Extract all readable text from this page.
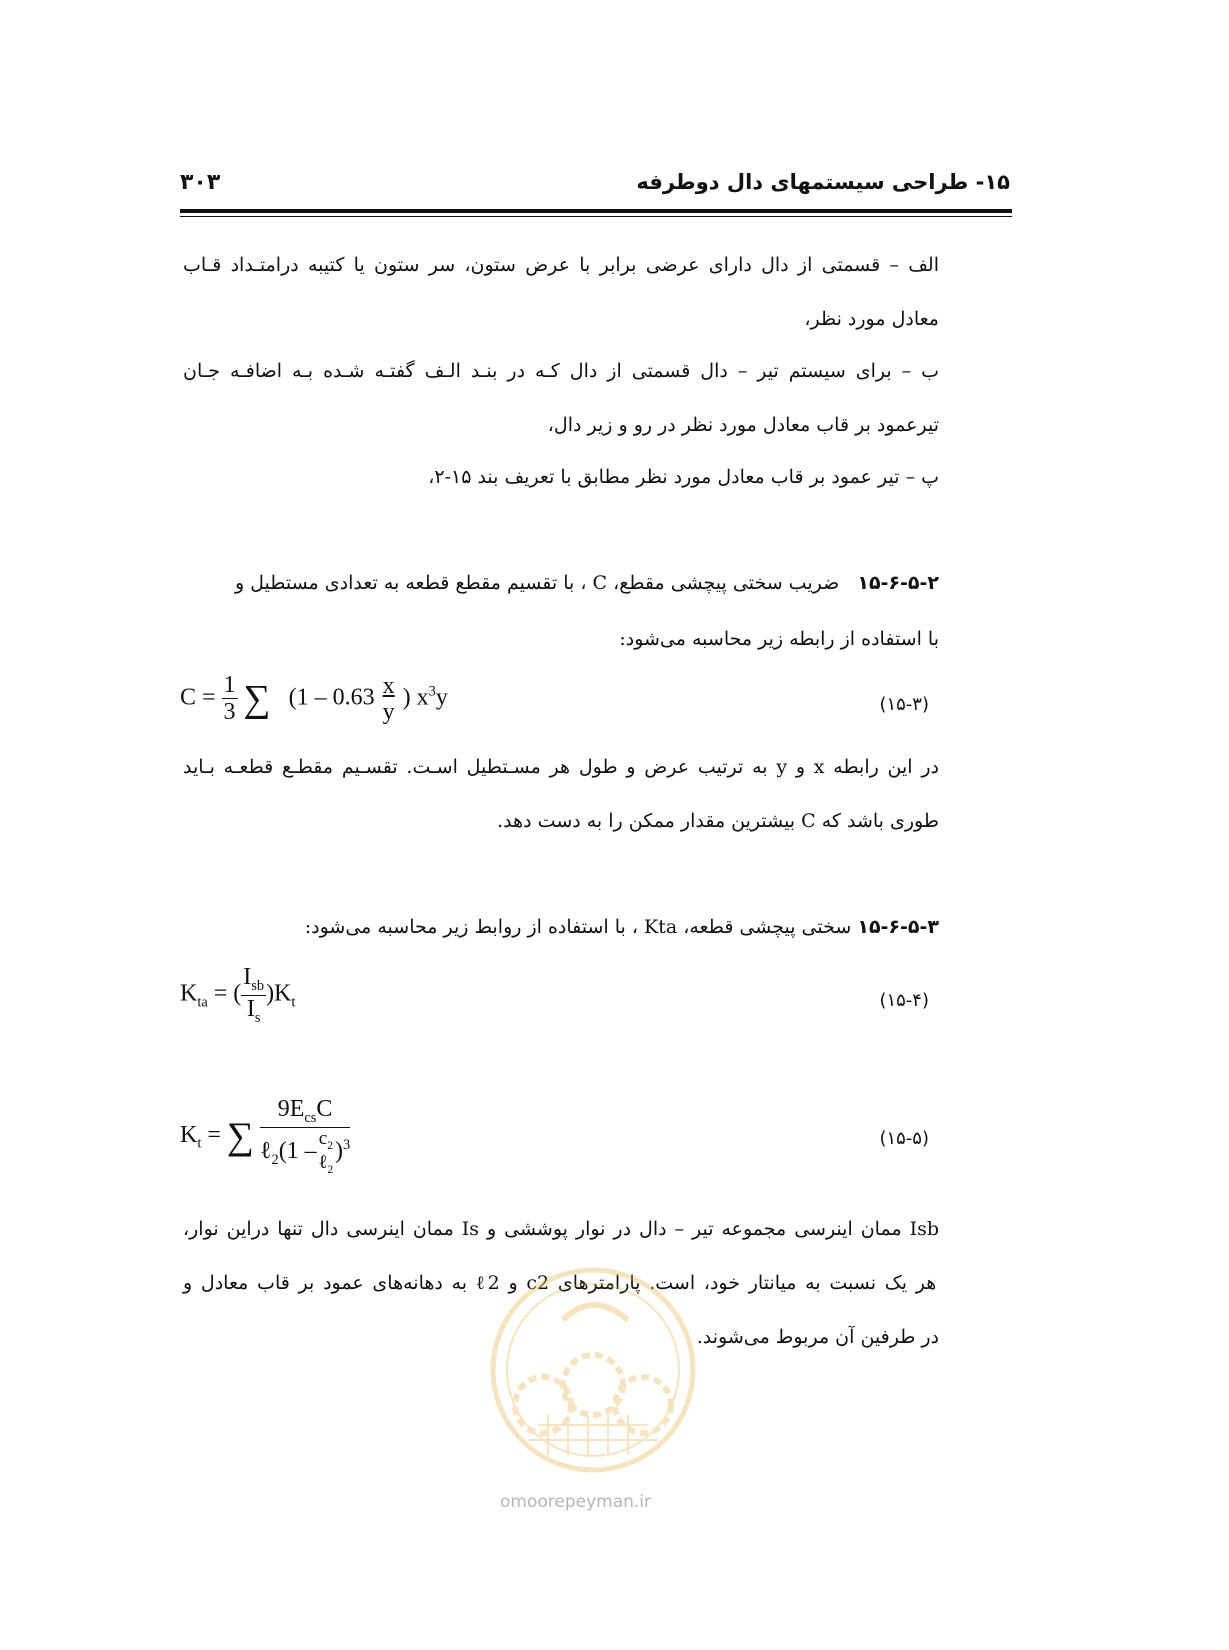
۱۵- طراحی سیستمهای دال دوطرفه
۳۰۳
الف – قسمتی از دال دارای عرضی برابر با عرض ستون، سر ستون یا کتیبه درامتـداد قـاب
معادل مورد نظر،
ب – برای سیستم تیر – دال قسمتی از دال کـه در بنـد الـف گفتـه شـده بـه اضافـه جـان
تیرعمود بر قاب معادل مورد نظر در رو و زیر دال،
پ – تیر عمود بر قاب معادل مورد نظر مطابق با تعریف بند ۱۵-۲،
۱۵-۶-۵-۲   ضریب سختی پیچشی مقطع، C ، با تقسیم مقطع قطعه به تعدادی مستطیل و
با استفاده از رابطه زیر محاسبه می‌شود:
$C = \frac{1}{3}$ ∑ ($1 - 0.63 \frac{x}{y}$ ) $x^3y$	(۱۵-۳)
در این رابطه x و y به ترتیب عرض و طول هر مسـتطیل اسـت. تقسـیم مقطـع قطعـه بـاید
طوری باشد که C بیشترین مقدار ممکن را به دست دهد.
۱۵-۶-۵-۳ سختی پیچشی قطعه، Kta ، با استفاده از روابط زیر محاسبه می‌شود:
$K_{ta}$ = ( $\frac{I_{sb}}{I_s} )K_t$	(۱۵-۴)
$K_t$ = ∑ $9E_{cs}C$
ℓ$_2$(1 – $c_2$
ℓ$_2$
)$^3$	(۱۵-۵)
Isb ممان اینرسی مجموعه تیر – دال در نوار پوششی و Is ممان اینرسی دال تنها دراین نوار،
هر یک نسبت به میانتار خود، است. پارامترهای c2 و ℓ2 به دهانه‌های عمود بر قاب معادل و
در طرفین آن مربوط می‌شوند.
omoorepeyman.ir
